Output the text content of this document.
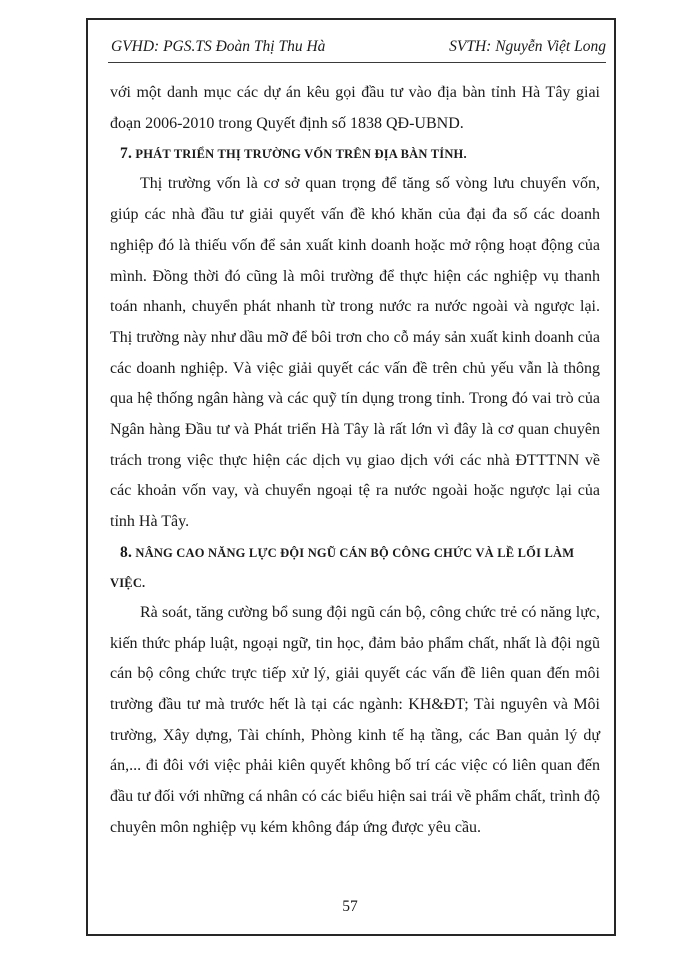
GVHD: PGS.TS Đoàn Thị Thu Hà	SVTH: Nguyễn Việt Long

với một danh mục các dự án kêu gọi đầu tư vào địa bàn tỉnh Hà Tây giai đoạn 2006-2010 trong Quyết định số 1838 QĐ-UBND.

7. PHÁT TRIỂN THỊ TRƯỜNG VỐN TRÊN ĐỊA BÀN TỈNH.

Thị trường vốn là cơ sở quan trọng để tăng số vòng lưu chuyển vốn, giúp các nhà đầu tư giải quyết vấn đề khó khăn của đại đa số các doanh nghiệp đó là thiếu vốn để sản xuất kinh doanh hoặc mở rộng hoạt động của mình. Đồng thời đó cũng là môi trường để thực hiện các nghiệp vụ thanh toán nhanh, chuyển phát nhanh từ trong nước ra nước ngoài và ngược lại. Thị trường này như dầu mỡ để bôi trơn cho cỗ máy sản xuất kinh doanh của các doanh nghiệp. Và việc giải quyết các vấn đề trên chủ yếu vẫn là thông qua hệ thống ngân hàng và các quỹ tín dụng trong tỉnh. Trong đó vai trò của Ngân hàng Đầu tư và Phát triển Hà Tây là rất lớn vì đây là cơ quan chuyên trách trong việc thực hiện các dịch vụ giao dịch với các nhà ĐTTTNN về các khoản vốn vay, và chuyển ngoại tệ ra nước ngoài hoặc ngược lại của tỉnh Hà Tây.

8. NÂNG CAO NĂNG LỰC ĐỘI NGŨ CÁN BỘ CÔNG CHỨC VÀ LỀ LỐI LÀM
VIỆC.

Rà soát, tăng cường bổ sung đội ngũ cán bộ, công chức trẻ có năng lực, kiến thức pháp luật, ngoại ngữ, tin học, đảm bảo phẩm chất, nhất là đội ngũ cán bộ công chức trực tiếp xử lý, giải quyết các vấn đề liên quan đến môi trường đầu tư mà trước hết là tại các ngành: KH&ĐT; Tài nguyên và Môi trường, Xây dựng, Tài chính, Phòng kinh tế hạ tầng, các Ban quản lý dự án,... đi đôi với việc phải kiên quyết không bố trí các việc có liên quan đến đầu tư đối với những cá nhân có các biểu hiện sai trái về phẩm chất, trình độ chuyên môn nghiệp vụ kém không đáp ứng được yêu cầu.

57
